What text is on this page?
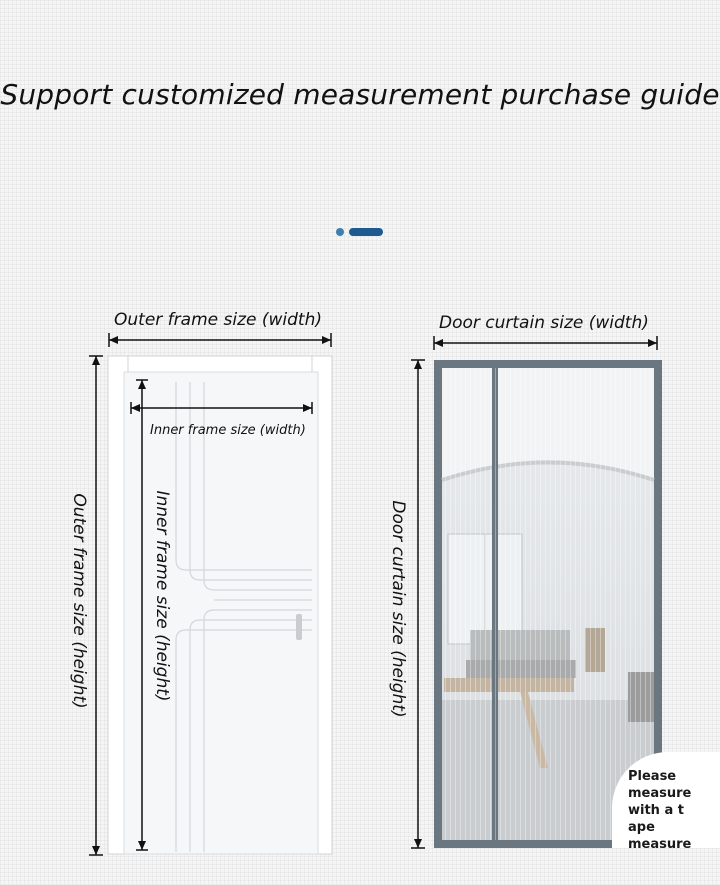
Support customized measurement purchase guide
Outer frame size (width)
Inner frame size (width)
Door curtain size (width)
Outer frame size (height)	Inner frame size (height)	Door curtain size (height)
Please
measure
with a t
ape measure
